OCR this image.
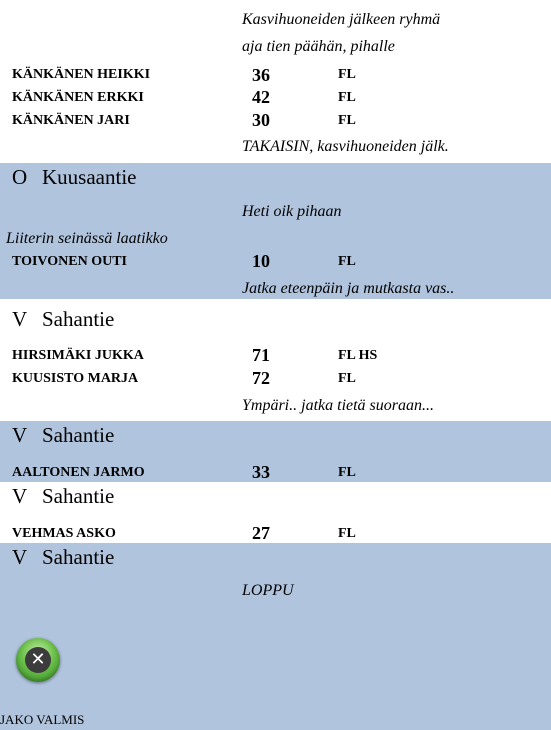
Kasvihuoneiden jälkeen ryhmä
aja tien päähän, pihalle
KÄNKÄNEN HEIKKI	36	FL
KÄNKÄNEN ERKKI	42	FL
KÄNKÄNEN JARI	30	FL
TAKAISIN, kasvihuoneiden jälk.
O Kuusaantie
Heti oik pihaan
Liiterin seinässä laatikko
TOIVONEN OUTI	10	FL
Jatka eteenpäin ja mutkasta vas..
V Sahantie
HIRSIMÄKI JUKKA	71	FL HS
KUUSISTO MARJA	72	FL
Ympäri.. jatka tietä suoraan...
V Sahantie
AALTONEN JARMO	33	FL
V Sahantie
VEHMAS ASKO	27	FL
V Sahantie
LOPPU
✕
JAKO VALMIS
